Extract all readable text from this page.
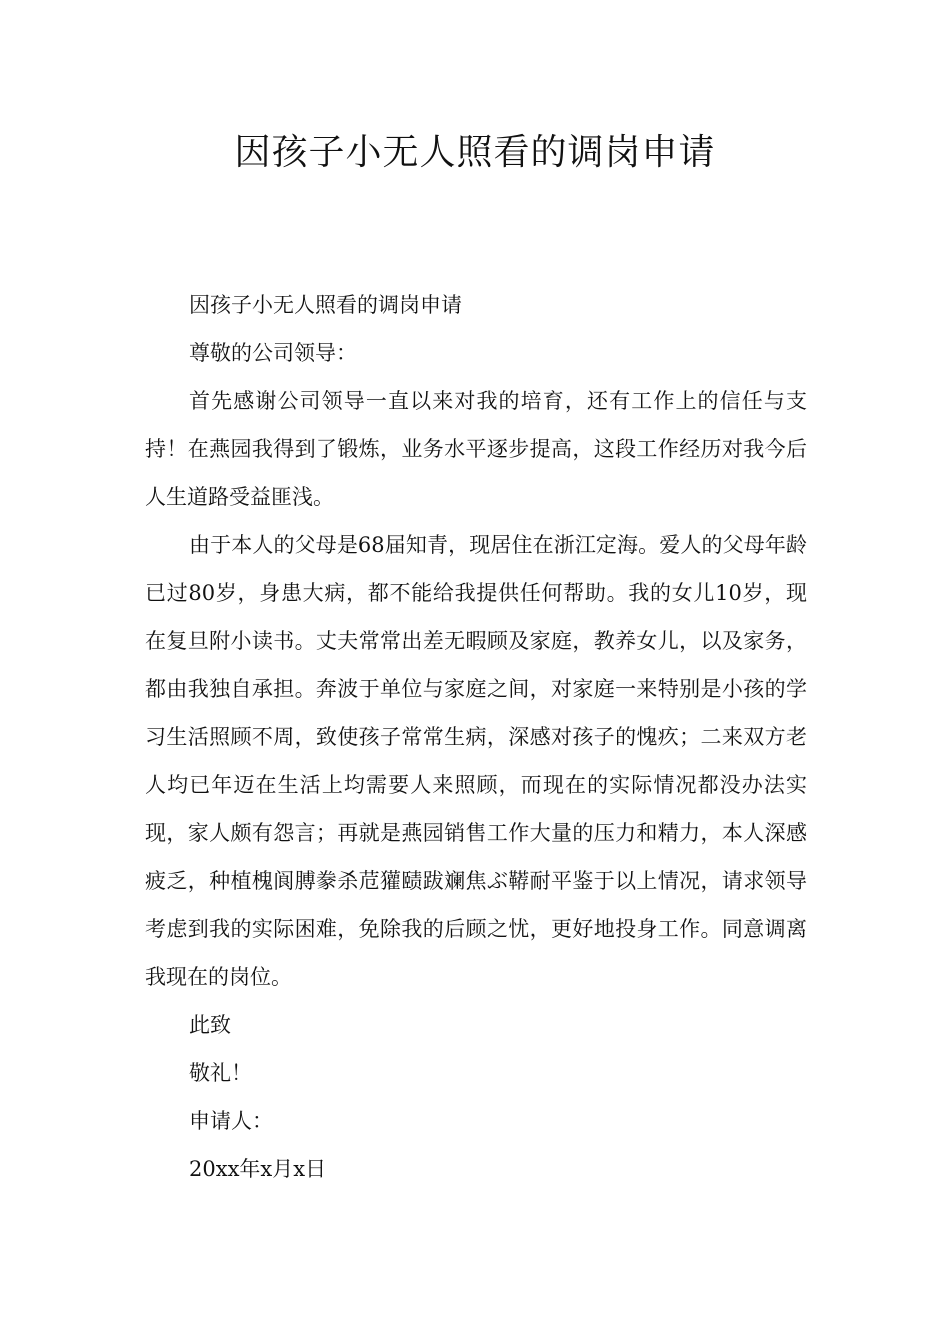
因孩子小无人照看的调岗申请

因孩子小无人照看的调岗申请

尊敬的公司领导：

首先感谢公司领导一直以来对我的培育，还有工作上的信任与支持！在燕园我得到了锻炼，业务水平逐步提高，这段工作经历对我今后人生道路受益匪浅。

由于本人的父母是68届知青，现居住在浙江定海。爱人的父母年龄已过80岁，身患大病，都不能给我提供任何帮助。我的女儿10岁，现在复旦附小读书。丈夫常常出差无暇顾及家庭，教养女儿，以及家务，都由我独自承担。奔波于单位与家庭之间，对家庭一来特别是小孩的学习生活照顾不周，致使孩子常常生病，深感对孩子的愧疚；二来双方老人均已年迈在生活上均需要人来照顾，而现在的实际情况都没办法实现，家人颇有怨言；再就是燕园销售工作大量的压力和精力，本人深感疲乏，种植槐阆膊豢杀苊獾赜跋斓焦ぶ鞯耐平鉴于以上情况，请求领导考虑到我的实际困难，免除我的后顾之忧，更好地投身工作。同意调离我现在的岗位。

此致

敬礼！

申请人：

20xx年x月x日
